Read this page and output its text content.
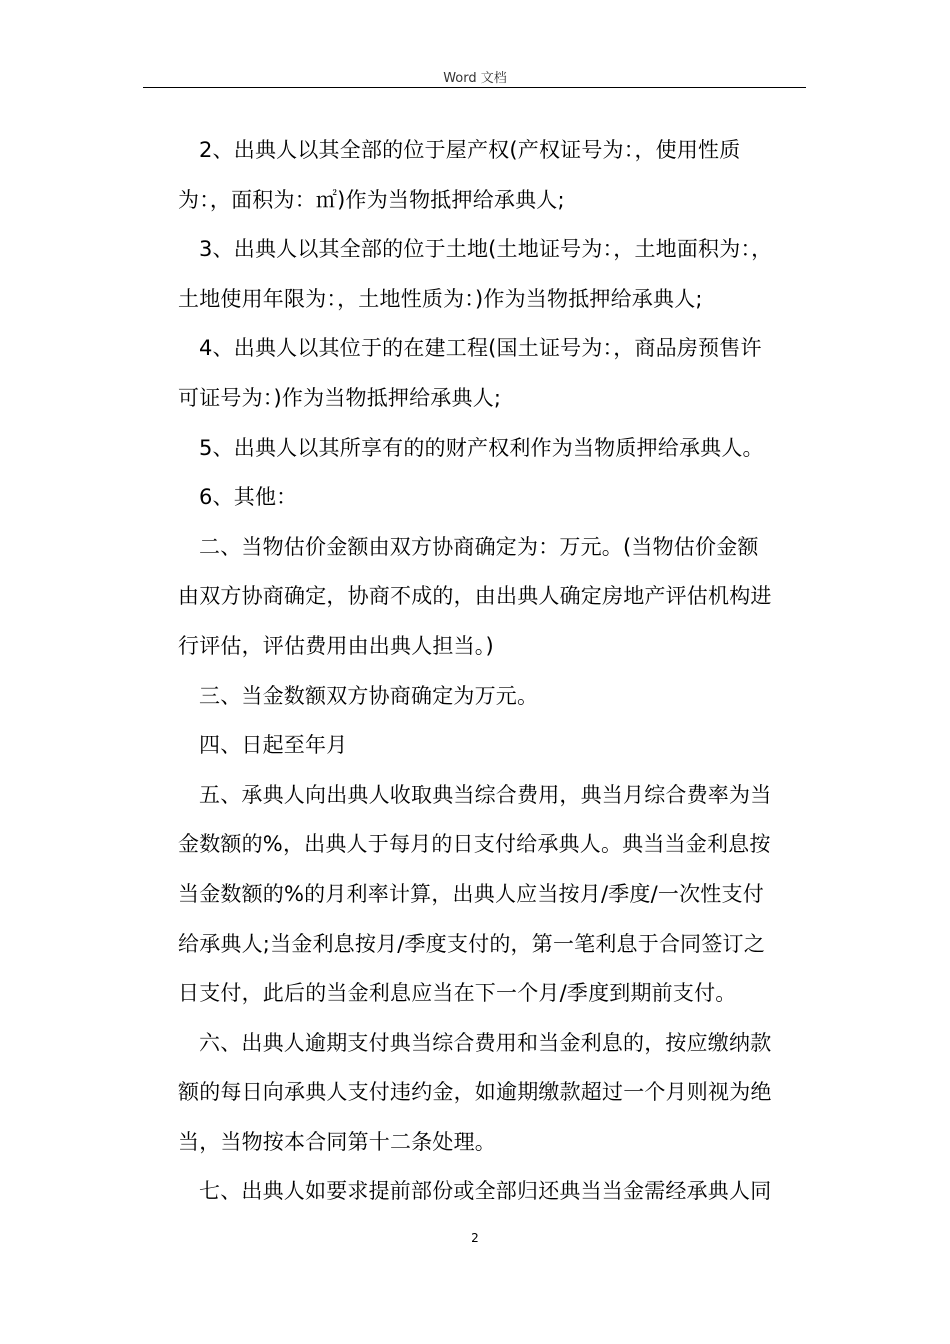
Word 文档
2、出典人以其全部的位于屋产权(产权证号为：，使用性质
为：，面积为：㎡)作为当物抵押给承典人;
3、出典人以其全部的位于土地(土地证号为：，土地面积为：，
土地使用年限为：，土地性质为：)作为当物抵押给承典人;
4、出典人以其位于的在建工程(国土证号为：，商品房预售许
可证号为：)作为当物抵押给承典人;
5、出典人以其所享有的的财产权利作为当物质押给承典人。
6、其他：
二、当物估价金额由双方协商确定为：万元。(当物估价金额
由双方协商确定，协商不成的，由出典人确定房地产评估机构进
行评估，评估费用由出典人担当。)
三、当金数额双方协商确定为万元。
四、日起至年月
五、承典人向出典人收取典当综合费用，典当月综合费率为当
金数额的%，出典人于每月的日支付给承典人。典当当金利息按
当金数额的%的月利率计算，出典人应当按月/季度/一次性支付
给承典人;当金利息按月/季度支付的，第一笔利息于合同签订之
日支付，此后的当金利息应当在下一个月/季度到期前支付。
六、出典人逾期支付典当综合费用和当金利息的，按应缴纳款
额的每日向承典人支付违约金，如逾期缴款超过一个月则视为绝
当，当物按本合同第十二条处理。
七、出典人如要求提前部份或全部归还典当当金需经承典人同
2
